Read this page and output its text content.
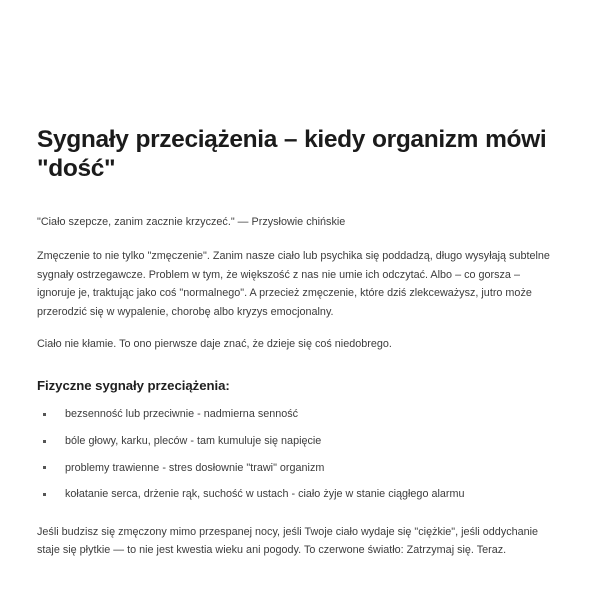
Sygnały przeciążenia – kiedy organizm mówi "dość"

"Ciało szepcze, zanim zacznie krzyczeć." — Przysłowie chińskie

Zmęczenie to nie tylko "zmęczenie". Zanim nasze ciało lub psychika się poddadzą, długo wysyłają subtelne sygnały ostrzegawcze. Problem w tym, że większość z nas nie umie ich odczytać. Albo – co gorsza – ignoruje je, traktując jako coś "normalnego". A przecież zmęczenie, które dziś zlekceważysz, jutro może przerodzić się w wypalenie, chorobę albo kryzys emocjonalny.

Ciało nie kłamie. To ono pierwsze daje znać, że dzieje się coś niedobrego.

Fizyczne sygnały przeciążenia:
bezsenność lub przeciwnie - nadmierna senność
bóle głowy, karku, pleców - tam kumuluje się napięcie
problemy trawienne - stres dosłownie "trawi" organizm
kołatanie serca, drżenie rąk, suchość w ustach - ciało żyje w stanie ciągłego alarmu

Jeśli budzisz się zmęczony mimo przespanej nocy, jeśli Twoje ciało wydaje się "ciężkie", jeśli oddychanie staje się płytkie — to nie jest kwestia wieku ani pogody. To czerwone światło: Zatrzymaj się. Teraz.
